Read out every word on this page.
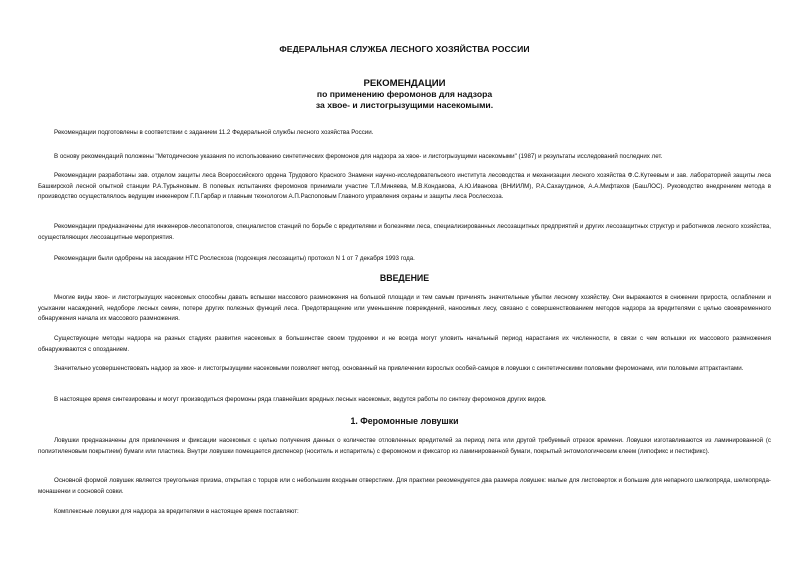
ФЕДЕРАЛЬНАЯ СЛУЖБА ЛЕСНОГО ХОЗЯЙСТВА РОССИИ
РЕКОМЕНДАЦИИ
по применению феромонов для надзора
за хвое- и листогрызущими насекомыми.

Рекомендации подготовлены в соответствии с заданием 11.2 Федеральной службы лесного хозяйства России.

В основу рекомендаций положены "Методические указания по использованию синтетических феромонов для надзора за хвое- и листогрызущими насекомыми" (1987) и результаты исследований последних лет.

Рекомендации разработаны зав. отделом защиты леса Всероссийского ордена Трудового Красного Знамени научно-исследовательского института лесоводства и механизации лесного хозяйства Ф.С.Кутеевым и зав. лабораторией защиты леса Башкирской лесной опытной станции Р.А.Турьяновым. В полевых испытаниях феромонов принимали участие Т.Л.Миняева, М.В.Кондакова, А.Ю.Иванова (ВНИИЛМ), Р.А.Сахаутдинов, А.А.Мифтахов (БашЛОС). Руководство внедрением метода в производство осуществлялось ведущим инженером Г.П.Гарбар и главным технологом А.П.Распоповым Главного управления охраны и защиты леса Рослесхоза.

Рекомендации предназначены для инженеров-лесопатологов, специалистов станций по борьбе с вредителями и болезнями леса, специализированных лесозащитных предприятий и других лесозащитных структур и работников лесного хозяйства, осуществляющих лесозащитные мероприятия.

Рекомендации были одобрены на заседании НТС Рослесхоза (подсекция лесозащиты) протокол N 1 от 7 декабря 1993 года.

ВВЕДЕНИЕ

Многие виды хвое- и листогрызущих насекомых способны давать вспышки массового размножения на большой площади и тем самым причинять значительные убытки лесному хозяйству. Они выражаются в снижении прироста, ослаблении и усыхании насаждений, недоборе лесных семян, потере других полезных функций леса. Предотвращение или уменьшение повреждений, наносимых лесу, связано с совершенствованием методов надзора за вредителями с целью своевременного обнаружения начала их массового размножения.

Существующие методы надзора на разных стадиях развития насекомых в большинстве своем трудоемки и не всегда могут уловить начальный период нарастания их численности, в связи с чем вспышки их массового размножения обнаруживаются с опозданием.

Значительно усовершенствовать надзор за хвое- и листогрызущими насекомыми позволяет метод, основанный на привлечении взрослых особей-самцов в ловушки с синтетическими половыми феромонами, или половыми аттрактантами.

В настоящее время синтезированы и могут производиться феромоны ряда главнейших вредных лесных насекомых, ведутся работы по синтезу феромонов других видов.

1. Феромонные ловушки

Ловушки предназначены для привлечения и фиксации насекомых с целью получения данных о количестве отловленных вредителей за период лета или другой требуемый отрезок времени. Ловушки изготавливаются из ламинированной (с полиэтиленовым покрытием) бумаги или пластика. Внутри ловушки помещается диспенсер (носитель и испаритель) с феромоном и фиксатор из ламинированной бумаги, покрытый энтомологическим клеем (липофикс и пестификс).

Основной формой ловушек является треугольная призма, открытая с торцов или с небольшим входным отверстием. Для практики рекомендуется два размера ловушек: малые для листоверток и большие для непарного шелкопряда, шелкопряда-монашенки и сосновой совки.

Комплексные ловушки для надзора за вредителями в настоящее время поставляют:
